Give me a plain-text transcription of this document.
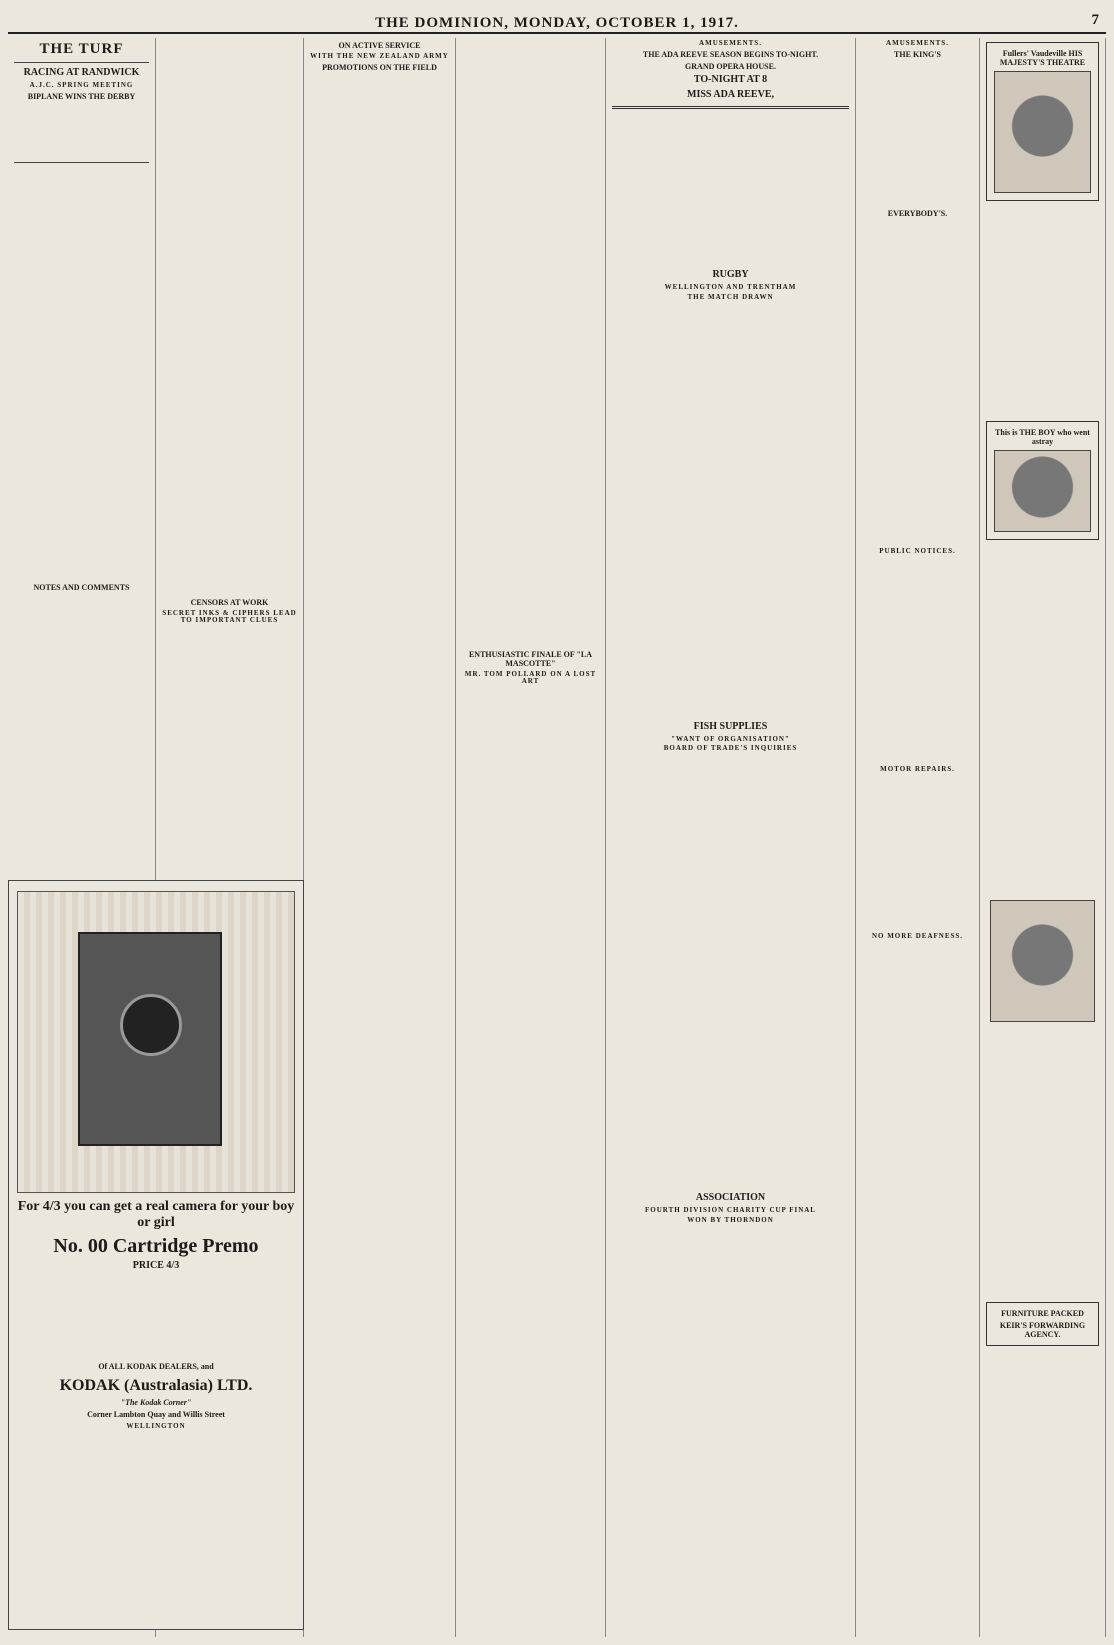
THE DOMINION, MONDAY, OCTOBER 1, 1917.	7
THE TURF
RACING AT RANDWICK
A.J.C. SPRING MEETING
BIPLANE WINS THE DERBY

NOTES AND COMMENTS
CENSORS AT WORK
SECRET INKS & CIPHERS LEAD TO IMPORTANT CLUES
ON ACTIVE SERVICE
WITH THE NEW ZEALAND ARMY
PROMOTIONS ON THE FIELD
ENTHUSIASTIC FINALE OF "LA MASCOTTE"
MR. TOM POLLARD ON A LOST ART
AMUSEMENTS.
THE ADA REEVE SEASON BEGINS TO-NIGHT.
GRAND OPERA HOUSE.
TO-NIGHT AT 8
MISS ADA REEVE,
RUGBY
WELLINGTON AND TRENTHAM
THE MATCH DRAWN
FISH SUPPLIES
"WANT OF ORGANISATION"
BOARD OF TRADE'S INQUIRIES
ASSOCIATION
FOURTH DIVISION CHARITY CUP FINAL
WON BY THORNDON
AMUSEMENTS.
THE KING'S
EVERYBODY'S.
PUBLIC NOTICES.
MOTOR REPAIRS.
NO MORE DEAFNESS.
Fullers' Vaudeville HIS MAJESTY'S THEATRE
This is THE BOY who went astray
FURNITURE PACKED
KEIR'S FORWARDING AGENCY.
For 4/3 you can get a real camera for your boy or girl
No. 00 Cartridge Premo
PRICE 4/3
Of ALL KODAK DEALERS, and
KODAK (Australasia) LTD.
"The Kodak Corner"
Corner Lambton Quay and Willis Street
WELLINGTON
